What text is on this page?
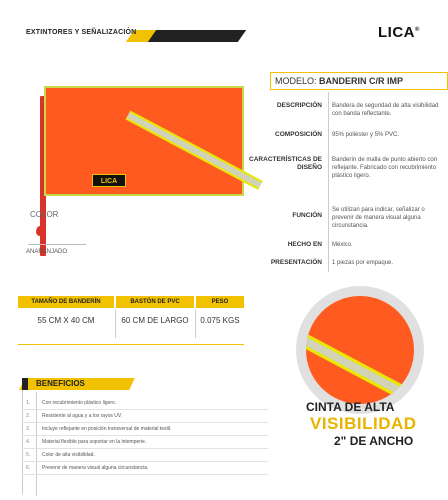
EXTINTORES Y SEÑALIZACIÓN	LICA®
LICA
COLOR
ANARANJADO
MODELO: BANDERIN C/R IMP
DESCRIPCIÓN Bandera de seguridad de alta visibilidad con banda reflectante.
COMPOSICIÓN 95% poliéster y 5% PVC.
CARACTERÍSTICAS DE DISEÑO
Banderín de malla de punto abierto con reflejante. Fabricado con recubrimiento plástico ligero.
FUNCIÓN
Se utilizan para indicar, señalizar o prevenir de manera visual alguna circunstancia.
HECHO EN México.
PRESENTACIÓN 1 piezas por empaque.
TAMAÑO DE BANDERÍN	BASTÓN DE PVC	PESO
55 CM X 40 CM	60 CM DE LARGO	0.075 KGS
CINTA DE ALTA
VISIBILIDAD
2" DE ANCHO
BENEFICIOS
1. Con recubrimiento plástico ligero.
2. Resistente al agua y a los rayos UV.
3. Incluye reflejante en posición transversal de material textil.
4. Material flexible para soportar en la intemperie.
5. Color de alta visibilidad.
6. Prevenir de manera visual alguna circunstancia.
